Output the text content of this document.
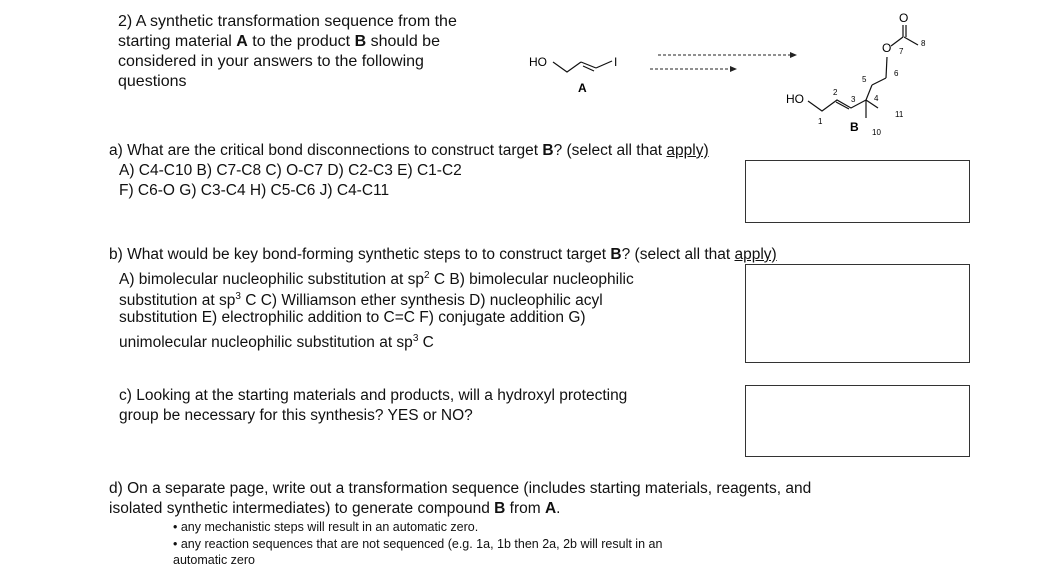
2) A synthetic transformation sequence from the
starting material A to the product B should be
considered in your answers to the following
questions
HO	I
A
HO
O
O
B
1
2
3 4
5
6
7
8
10
11
a) What are the critical bond disconnections to construct target B? (select all that apply)
A) C4-C10 B) C7-C8 C) O-C7 D) C2-C3 E) C1-C2
F) C6-O G) C3-C4 H) C5-C6 J) C4-C11
b) What would be key bond-forming synthetic steps to to construct target B? (select all that apply)
A) bimolecular nucleophilic substitution at $sp^2$ C B) bimolecular nucleophilic
substitution at $sp^3$ C C) Williamson ether synthesis D) nucleophilic acyl
substitution E) electrophilic addition to C=C F) conjugate addition G)
unimolecular nucleophilic substitution at $sp^3$ C
c) Looking at the starting materials and products, will a hydroxyl protecting
group be necessary for this synthesis? YES or NO?
d) On a separate page, write out a transformation sequence (includes starting materials, reagents, and
isolated synthetic intermediates) to generate compound B from A.
• any mechanistic steps will result in an automatic zero.
• any reaction sequences that are not sequenced (e.g. 1a, 1b then 2a, 2b will result in an
automatic zero
